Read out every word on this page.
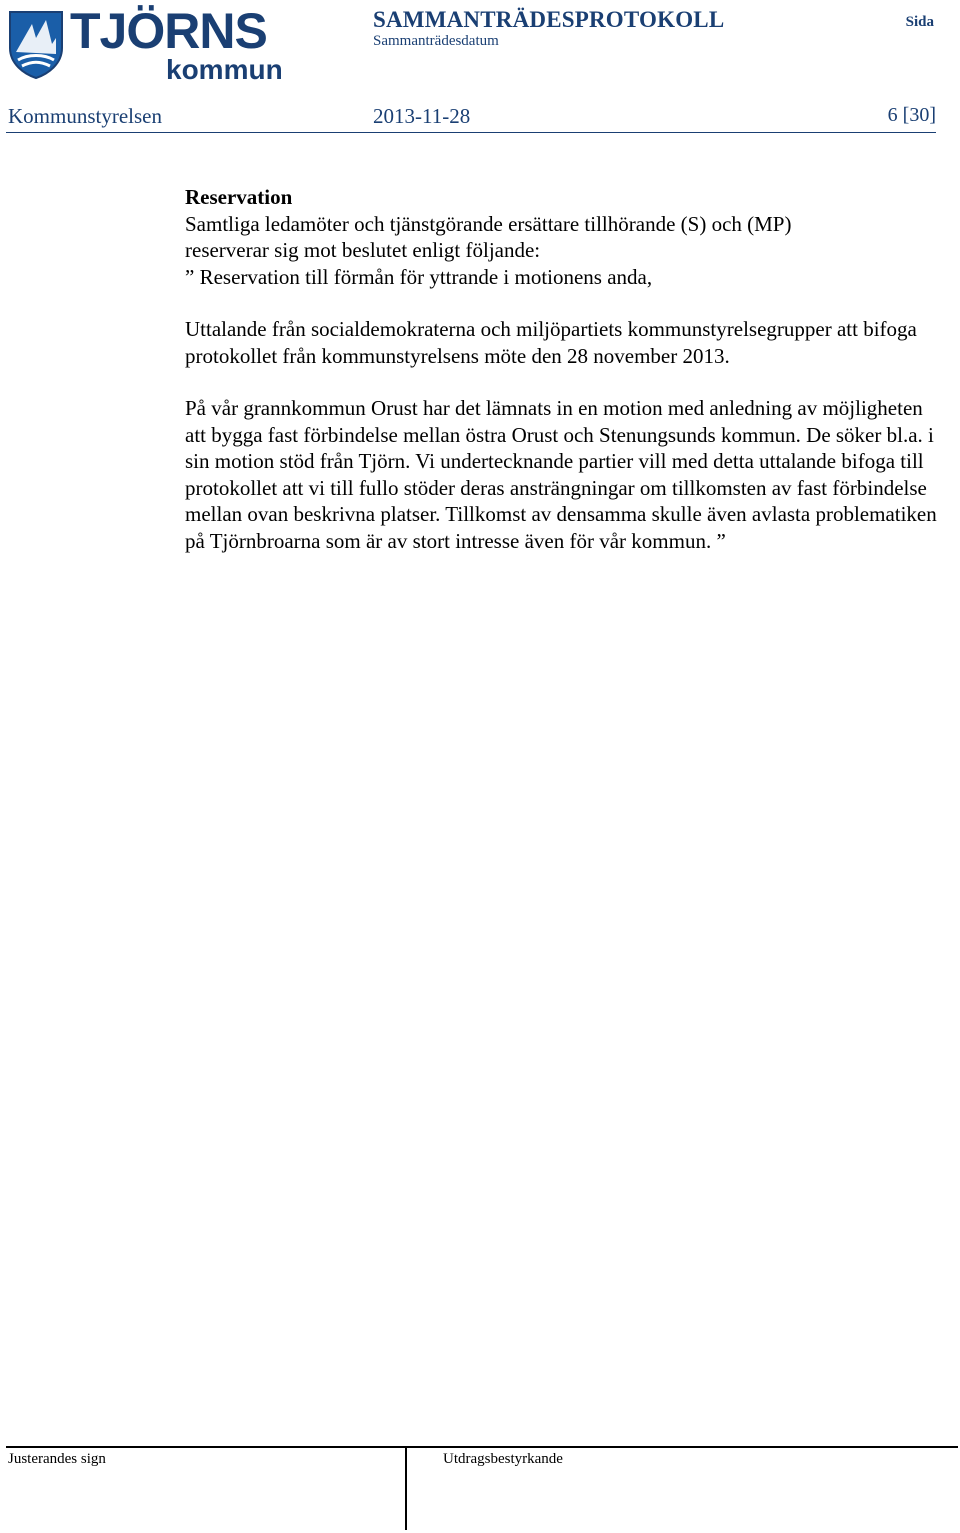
TJÖRNS
kommun
SAMMANTRÄDESPROTOKOLL
Sammanträdesdatum
Sida
Kommunstyrelsen	2013-11-28	6 [30]

Reservation

Samtliga ledamöter och tjänstgörande ersättare tillhörande (S) och (MP)

reserverar sig mot beslutet enligt följande:

” Reservation till förmån för yttrande i motionens anda,

Uttalande från socialdemokraterna och miljöpartiets kommunstyrelsegrupper att bifoga protokollet från kommunstyrelsens möte den 28 november 2013.

På vår grannkommun Orust har det lämnats in en motion med anledning av möjligheten att bygga fast förbindelse mellan östra Orust och Stenungsunds kommun. De söker bl.a. i sin motion stöd från Tjörn. Vi undertecknande partier vill med detta uttalande bifoga till protokollet att vi till fullo stöder deras ansträngningar om tillkomsten av fast förbindelse mellan ovan beskrivna platser. Tillkomst av densamma skulle även avlasta problematiken på Tjörnbroarna som är av stort intresse även för vår kommun. ”

Justerandes sign	Utdragsbestyrkande
